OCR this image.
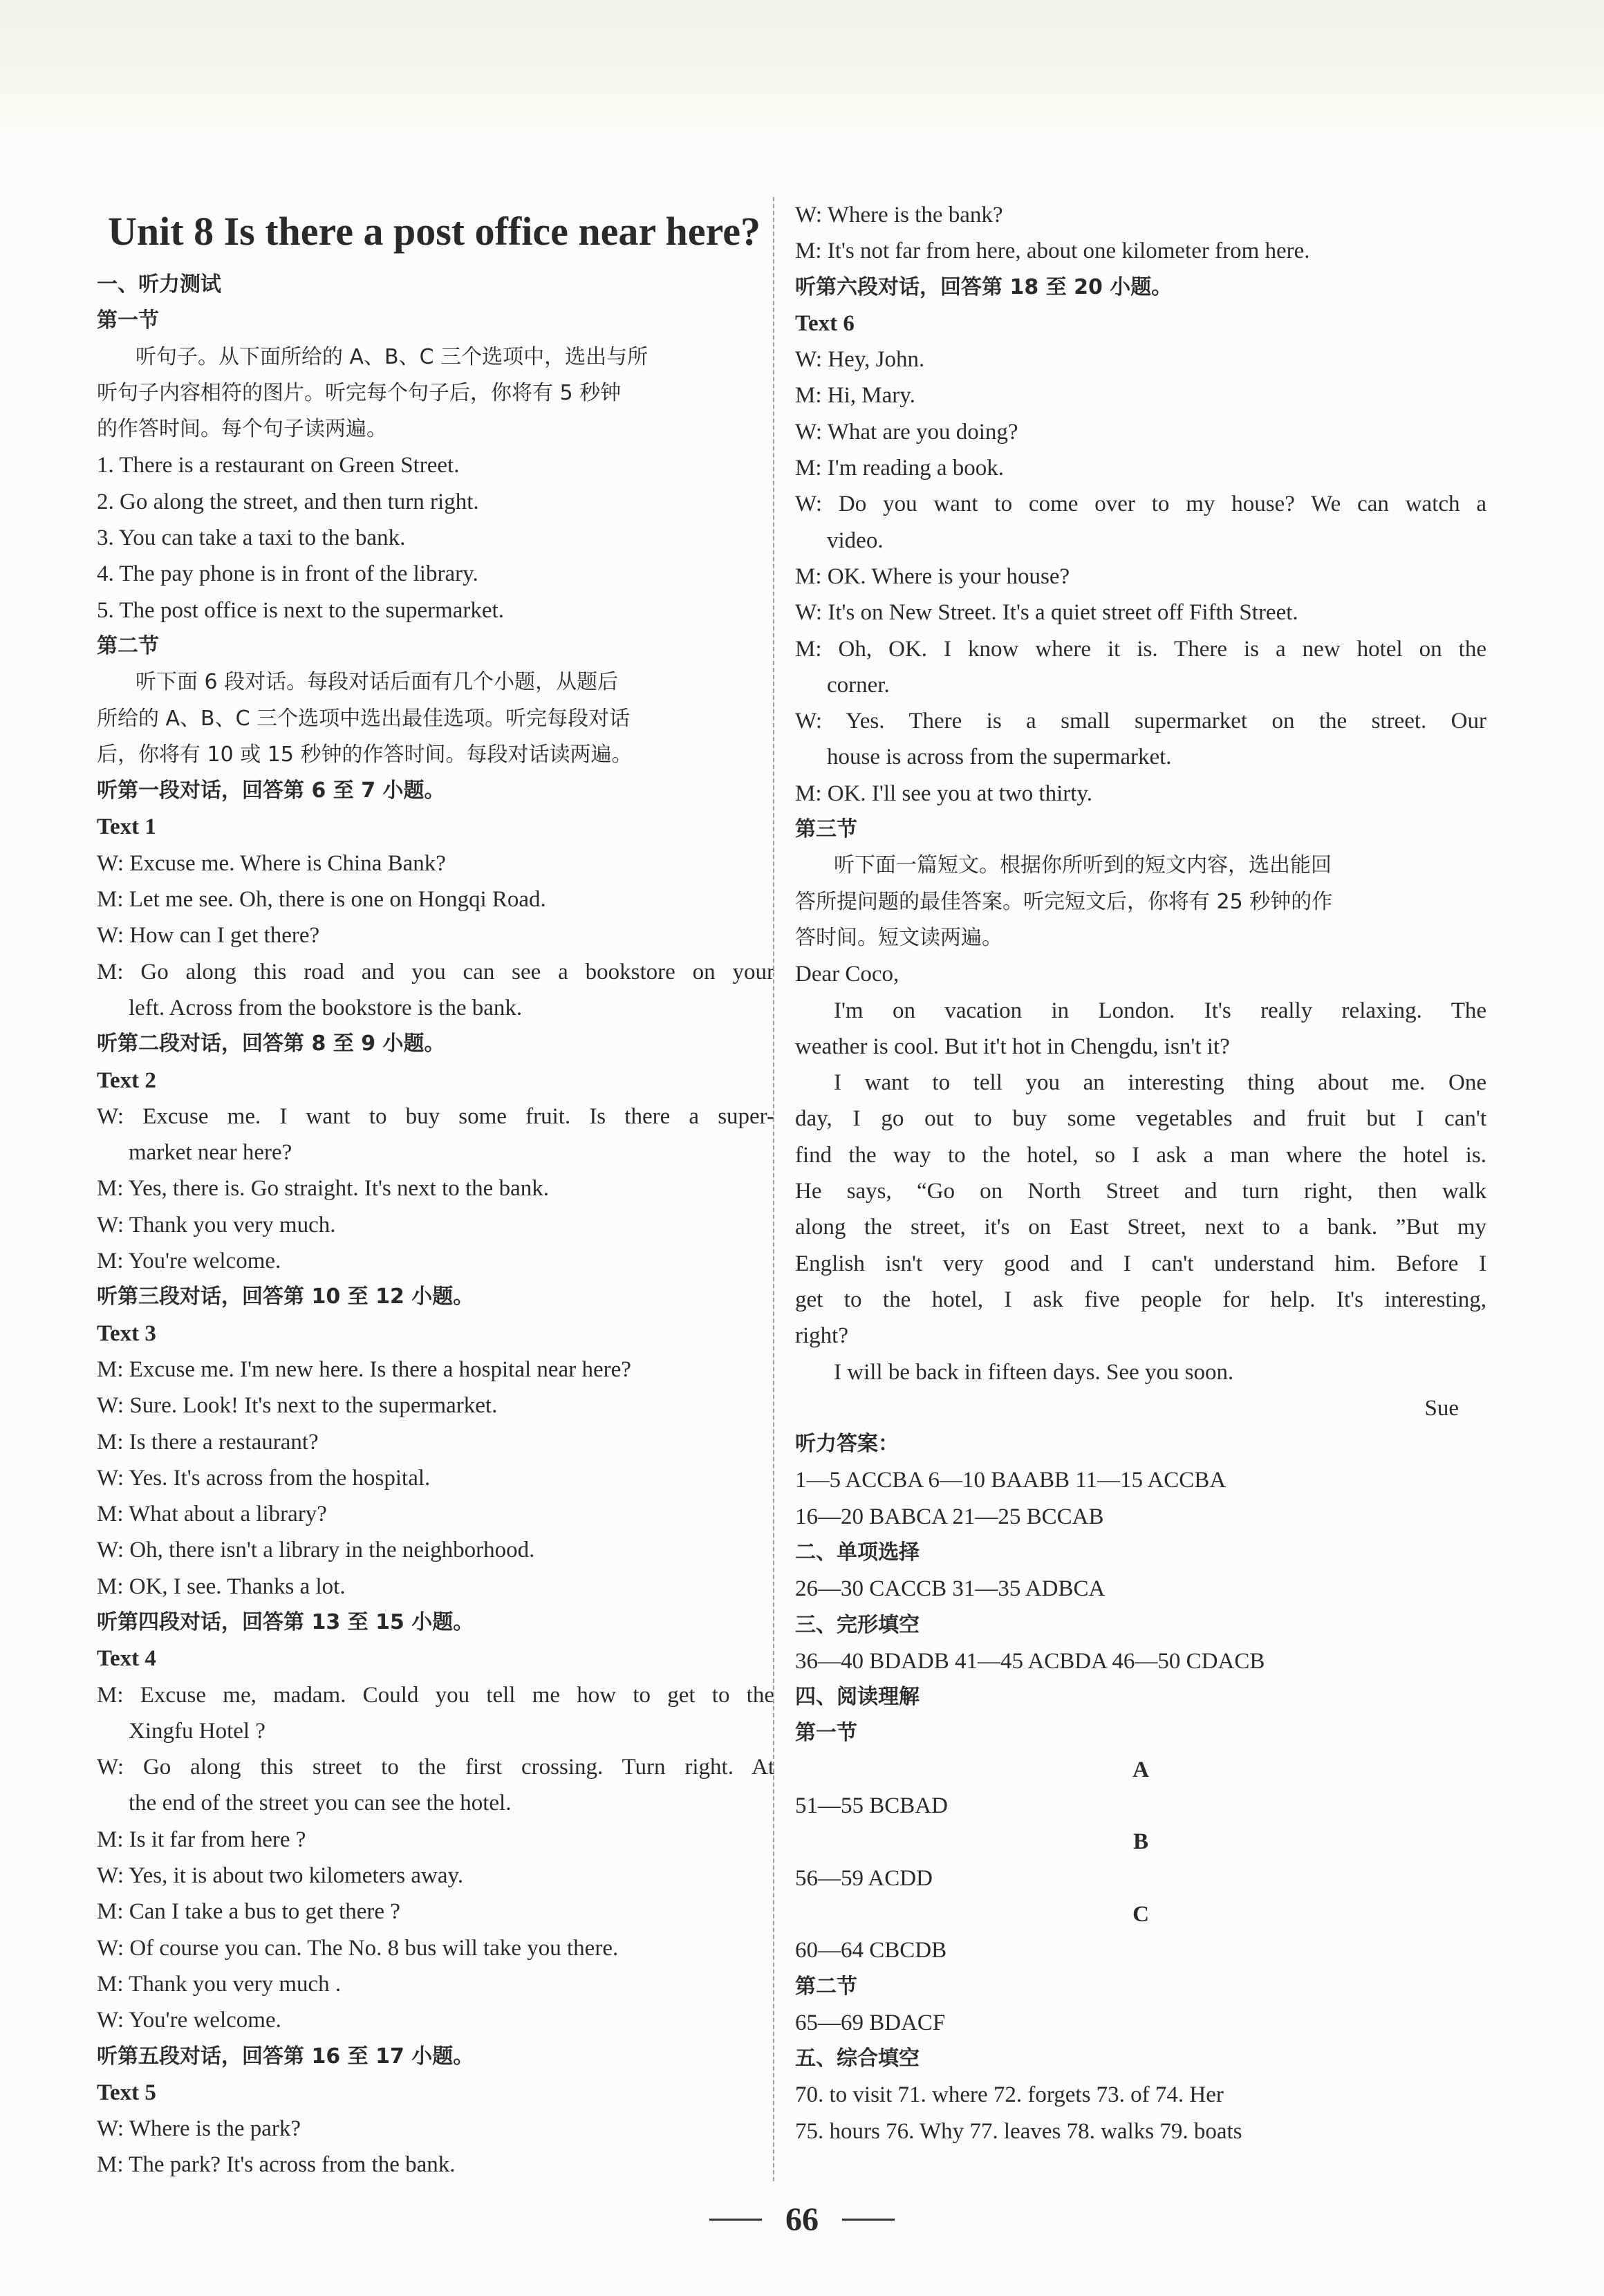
Unit 8 Is there a post office near here?
一、听力测试
第一节
听句子。从下面所给的 A、B、C 三个选项中，选出与所
听句子内容相符的图片。听完每个句子后，你将有 5 秒钟
的作答时间。每个句子读两遍。
1. There is a restaurant on Green Street.
2. Go along the street, and then turn right.
3. You can take a taxi to the bank.
4. The pay phone is in front of the library.
5. The post office is next to the supermarket.
第二节
听下面 6 段对话。每段对话后面有几个小题，从题后
所给的 A、B、C 三个选项中选出最佳选项。听完每段对话
后，你将有 10 或 15 秒钟的作答时间。每段对话读两遍。
听第一段对话，回答第 6 至 7 小题。
Text 1
W: Excuse me. Where is China Bank?
M: Let me see. Oh, there is one on Hongqi Road.
W: How can I get there?
M: Go along this road and you can see a bookstore on your
left. Across from the bookstore is the bank.
听第二段对话，回答第 8 至 9 小题。
Text 2
W: Excuse me. I want to buy some fruit. Is there a super-
market near here?
M: Yes, there is. Go straight. It's next to the bank.
W: Thank you very much.
M: You're welcome.
听第三段对话，回答第 10 至 12 小题。
Text 3
M: Excuse me. I'm new here. Is there a hospital near here?
W: Sure. Look! It's next to the supermarket.
M: Is there a restaurant?
W: Yes. It's across from the hospital.
M: What about a library?
W: Oh, there isn't a library in the neighborhood.
M: OK, I see. Thanks a lot.
听第四段对话，回答第 13 至 15 小题。
Text 4
M: Excuse me, madam. Could you tell me how to get to the
Xingfu Hotel ?
W: Go along this street to the first crossing. Turn right. At
the end of the street you can see the hotel.
M: Is it far from here ?
W: Yes, it is about two kilometers away.
M: Can I take a bus to get there ?
W: Of course you can. The No. 8 bus will take you there.
M: Thank you very much .
W: You're welcome.
听第五段对话，回答第 16 至 17 小题。
Text 5
W: Where is the park?
M: The park? It's across from the bank.
W: Where is the bank?
M: It's not far from here, about one kilometer from here.
听第六段对话，回答第 18 至 20 小题。
Text 6
W: Hey, John.
M: Hi, Mary.
W: What are you doing?
M: I'm reading a book.
W: Do you want to come over to my house? We can watch a
video.
M: OK. Where is your house?
W: It's on New Street. It's a quiet street off Fifth Street.
M: Oh, OK. I know where it is. There is a new hotel on the
corner.
W: Yes. There is a small supermarket on the street. Our
house is across from the supermarket.
M: OK. I'll see you at two thirty.
第三节
听下面一篇短文。根据你所听到的短文内容，选出能回
答所提问题的最佳答案。听完短文后，你将有 25 秒钟的作
答时间。短文读两遍。
Dear Coco,
I'm on vacation in London. It's really relaxing. The
weather is cool. But it't hot in Chengdu, isn't it?
I want to tell you an interesting thing about me. One
day, I go out to buy some vegetables and fruit but I can't
find the way to the hotel, so I ask a man where the hotel is.
He says, “Go on North Street and turn right, then walk
along the street, it's on East Street, next to a bank. ”But my
English isn't very good and I can't understand him. Before I
get to the hotel, I ask five people for help. It's interesting,
right?
I will be back in fifteen days. See you soon.
Sue
听力答案：
1—5 ACCBA 6—10 BAABB 11—15 ACCBA
16—20 BABCA 21—25 BCCAB
二、单项选择
26—30 CACCB 31—35 ADBCA
三、完形填空
36—40 BDADB 41—45 ACBDA 46—50 CDACB
四、阅读理解
第一节
A
51—55 BCBAD
B
56—59 ACDD
C
60—64 CBCDB
第二节
65—69 BDACF
五、综合填空
70. to visit 71. where 72. forgets 73. of 74. Her
75. hours 76. Why 77. leaves 78. walks 79. boats
66
